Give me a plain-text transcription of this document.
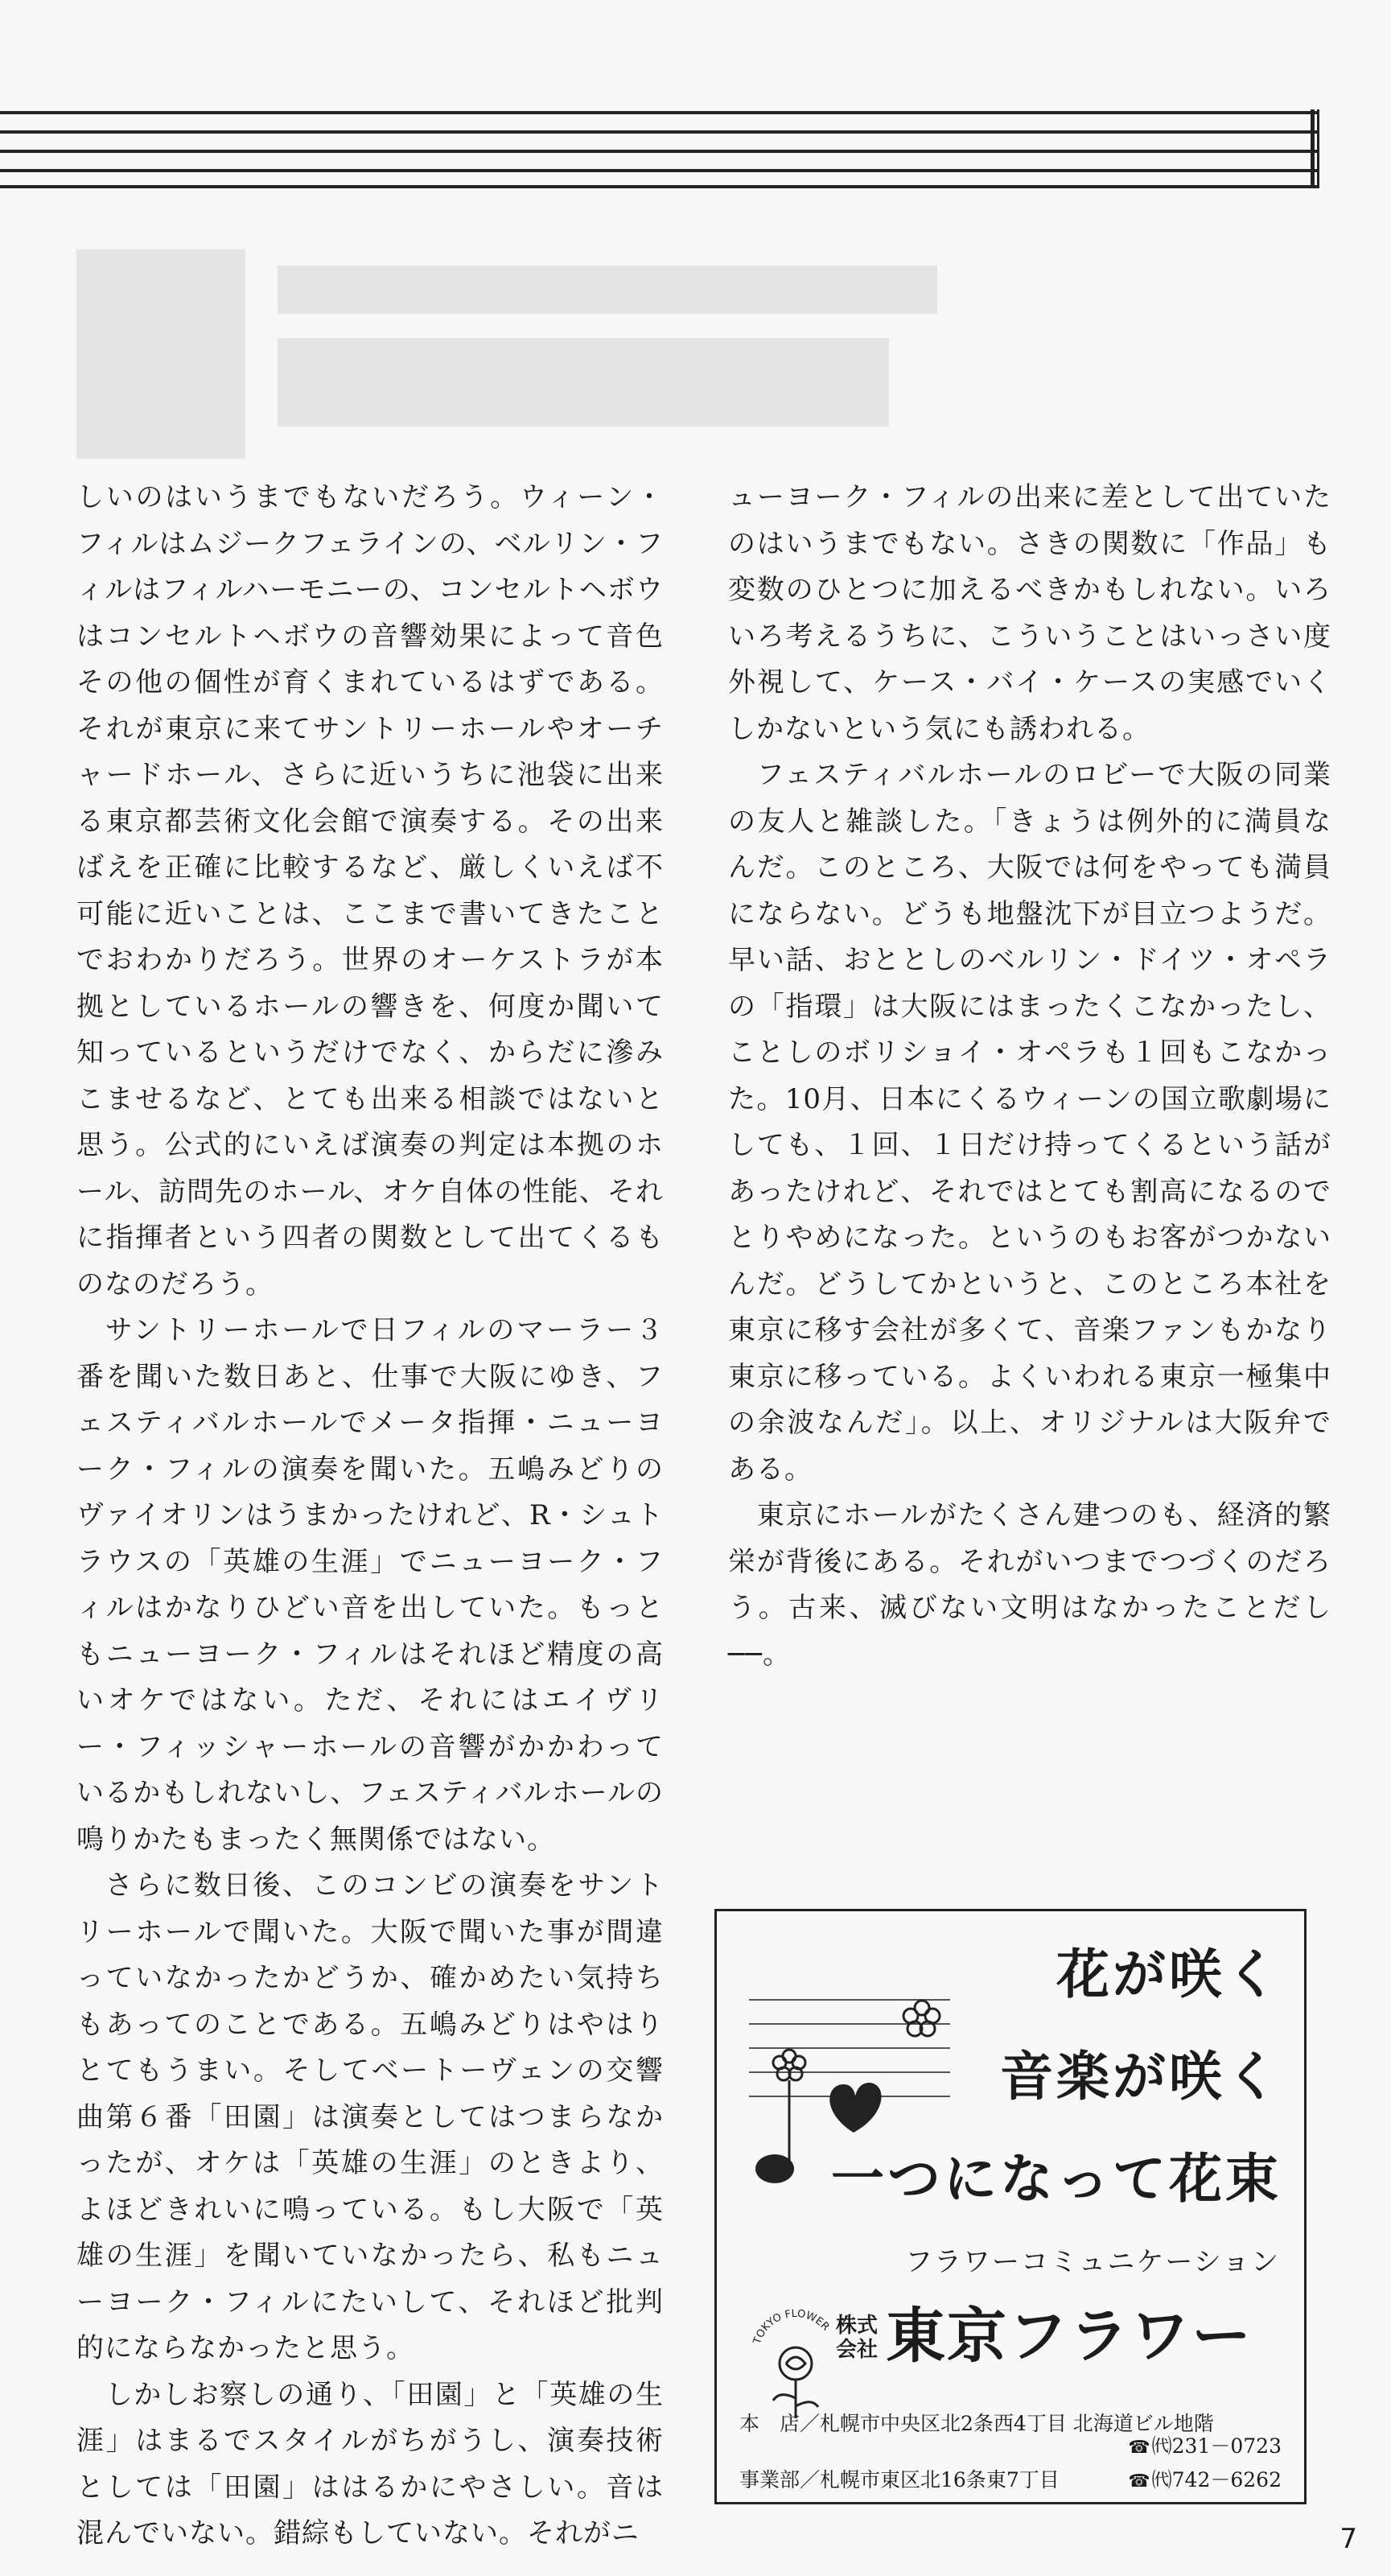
しいのはいうまでもないだろう。ウィーン・フィルはムジークフェラインの、ベルリン・フィルはフィルハーモニーの、コンセルトヘボウはコンセルトヘボウの音響効果によって音色その他の個性が育くまれているはずである。それが東京に来てサントリーホールやオーチャードホール、さらに近いうちに池袋に出来る東京都芸術文化会館で演奏する。その出来ばえを正確に比較するなど、厳しくいえば不可能に近いことは、ここまで書いてきたことでおわかりだろう。世界のオーケストラが本拠としているホールの響きを、何度か聞いて知っているというだけでなく、からだに滲みこませるなど、とても出来る相談ではないと思う。公式的にいえば演奏の判定は本拠のホール、訪問先のホール、オケ自体の性能、それに指揮者という四者の関数として出てくるものなのだろう。

サントリーホールで日フィルのマーラー３番を聞いた数日あと、仕事で大阪にゆき、フェスティバルホールでメータ指揮・ニューヨーク・フィルの演奏を聞いた。五嶋みどりのヴァイオリンはうまかったけれど、R・シュトラウスの「英雄の生涯」でニューヨーク・フィルはかなりひどい音を出していた。もっともニューヨーク・フィルはそれほど精度の高いオケではない。ただ、それにはエイヴリー・フィッシャーホールの音響がかかわっているかもしれないし、フェスティバルホールの鳴りかたもまったく無関係ではない。

さらに数日後、このコンビの演奏をサントリーホールで聞いた。大阪で聞いた事が間違っていなかったかどうか、確かめたい気持ちもあってのことである。五嶋みどりはやはりとてもうまい。そしてベートーヴェンの交響曲第６番「田園」は演奏としてはつまらなかったが、オケは「英雄の生涯」のときより、よほどきれいに鳴っている。もし大阪で「英雄の生涯」を聞いていなかったら、私もニューヨーク・フィルにたいして、それほど批判的にならなかったと思う。

しかしお察しの通り、「田園」と「英雄の生涯」はまるでスタイルがちがうし、演奏技術としては「田園」ははるかにやさしい。音は混んでいない。錯綜もしていない。それがニ

ューヨーク・フィルの出来に差として出ていたのはいうまでもない。さきの関数に「作品」も変数のひとつに加えるべきかもしれない。いろいろ考えるうちに、こういうことはいっさい度外視して、ケース・バイ・ケースの実感でいくしかないという気にも誘われる。

フェスティバルホールのロビーで大阪の同業の友人と雑談した。「きょうは例外的に満員なんだ。このところ、大阪では何をやっても満員にならない。どうも地盤沈下が目立つようだ。早い話、おととしのベルリン・ドイツ・オペラの「指環」は大阪にはまったくこなかったし、ことしのボリショイ・オペラも１回もこなかった。10月、日本にくるウィーンの国立歌劇場にしても、１回、１日だけ持ってくるという話があったけれど、それではとても割高になるのでとりやめになった。というのもお客がつかないんだ。どうしてかというと、このところ本社を東京に移す会社が多くて、音楽ファンもかなり東京に移っている。よくいわれる東京一極集中の余波なんだ」。以上、オリジナルは大阪弁である。

東京にホールがたくさん建つのも、経済的繁栄が背後にある。それがいつまでつづくのだろう。古来、滅びない文明はなかったことだし──。

花が咲く
音楽が咲く
一つになって花束
フラワーコミュニケーション
TOKYO FLOWER 株式会社 東京フラワー
本　店／札幌市中央区北2条西4丁目 北海道ビル地階
☎㈹231－0723
事業部／札幌市東区北16条東7丁目	☎㈹742－6262
7
